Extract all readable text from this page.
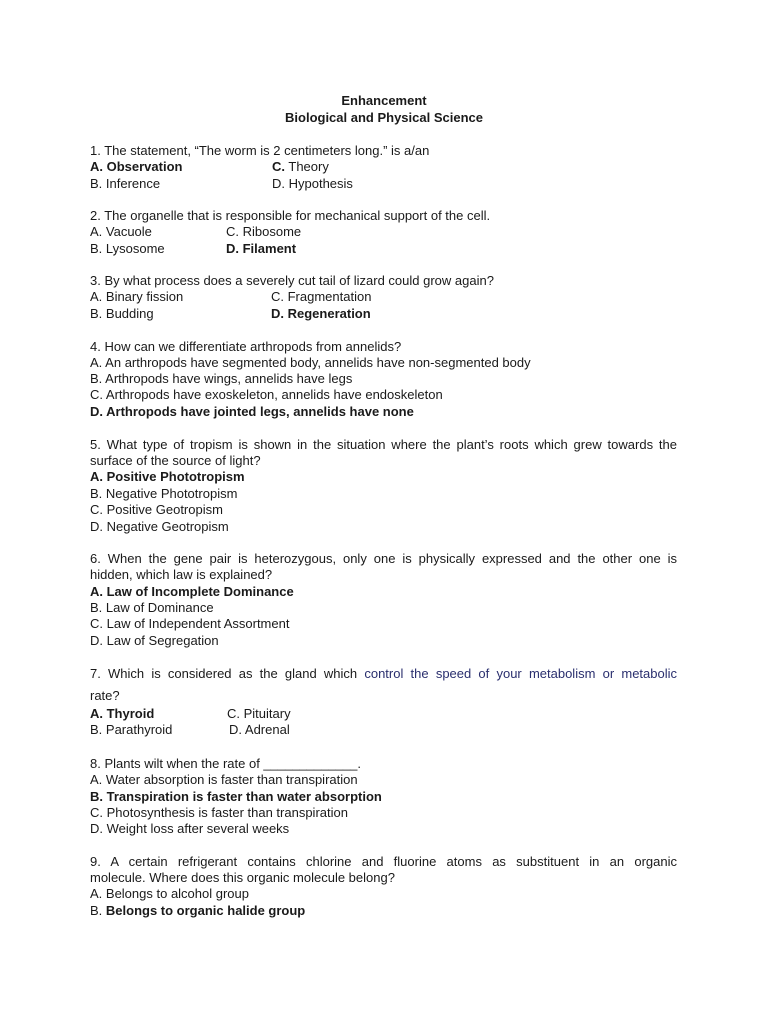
Enhancement
Biological and Physical Science
1. The statement, “The worm is 2 centimeters long.” is a/an
A. Observation	C. Theory
B. Inference	D. Hypothesis
2. The organelle that is responsible for mechanical support of the cell.
A. Vacuole	C. Ribosome
B. Lysosome	D. Filament
3. By what process does a severely cut tail of lizard could grow again?
A. Binary fission	C. Fragmentation
B. Budding	D. Regeneration
4. How can we differentiate arthropods from annelids?
A. An arthropods have segmented body, annelids have non-segmented body
B. Arthropods have wings, annelids have legs
C. Arthropods have exoskeleton, annelids have endoskeleton
D. Arthropods have jointed legs, annelids have none
5. What type of tropism is shown in the situation where the plant’s roots which grew towards the
surface of the source of light?
A. Positive Phototropism
B. Negative Phototropism
C. Positive Geotropism
D. Negative Geotropism
6. When the gene pair is heterozygous, only one is physically expressed and the other one is
hidden, which law is explained?
A. Law of Incomplete Dominance
B. Law of Dominance
C. Law of Independent Assortment
D. Law of Segregation
7. Which is considered as the gland which control the speed of your metabolism or metabolic
rate?
A. Thyroid	C. Pituitary
B. Parathyroid	D. Adrenal
8. Plants wilt when the rate of _____________.
A. Water absorption is faster than transpiration
B. Transpiration is faster than water absorption
C. Photosynthesis is faster than transpiration
D. Weight loss after several weeks
9. A certain refrigerant contains chlorine and fluorine atoms as substituent in an organic
molecule. Where does this organic molecule belong?
A. Belongs to alcohol group
B. Belongs to organic halide group
